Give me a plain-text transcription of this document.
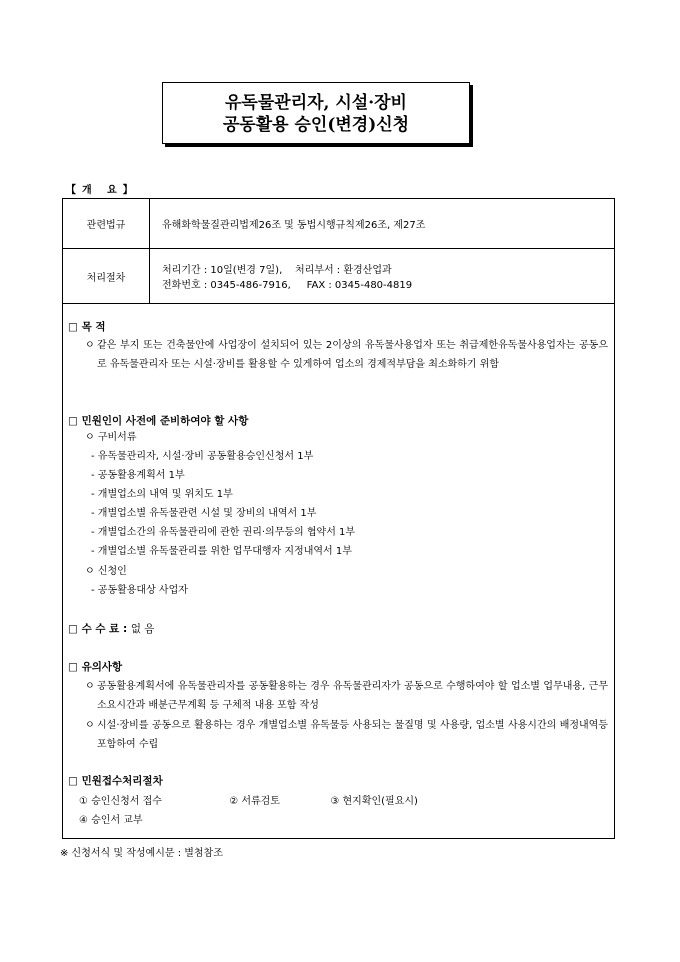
유독물관리자, 시설·장비
공동활용 승인(변경)신청
【개 요】
관련법규	유해화학물질관리법제26조 및 동법시행규칙제26조, 제27조
처리절차	처리기간 : 10일(변경 7일),    처리부서 : 환경산업과
전화번호 : 0345-486-7916,     FAX : 0345-480-4819
□ 목 적
ㅇ 같은 부지 또는 건축물안에 사업장이 설치되어 있는 2이상의 유독물사용업자 또는 취급제한유독물사용업자는 공동으로 유독물관리자 또는 시설·장비를 활용할 수 있게하여 업소의 경제적부담을 최소화하기 위함
□ 민원인이 사전에 준비하여야 할 사항
ㅇ 구비서류
- 유독물관리자, 시설·장비 공동활용승인신청서 1부
- 공동활용계획서 1부
- 개별업소의 내역 및 위치도 1부
- 개별업소별 유독물관련 시설 및 장비의 내역서 1부
- 개별업소간의 유독물관리에 관한 권리·의무등의 협약서 1부
- 개별업소별 유독물관리를 위한 업무대행자 지정내역서 1부
ㅇ 신청인
- 공동활용대상 사업자
□ 수 수 료 : 없 음
□ 유의사항
ㅇ 공동활용계획서에 유독물관리자를 공동활용하는 경우 유독물관리자가 공동으로 수행하여야 할 업소별 업무내용, 근무소요시간과 배분근무계획 등 구체적 내용 포함 작성
ㅇ 시설·장비를 공동으로 활용하는 경우 개별업소별 유독물등 사용되는 물질명 및 사용량, 업소별 사용시간의 배정내역등 포함하여 수립
□ 민원접수처리절차
① 승인신청서 접수	② 서류검토	③ 현지확인(필요시)
④ 승인서 교부
※ 신청서식 및 작성예시문 : 별첨참조
